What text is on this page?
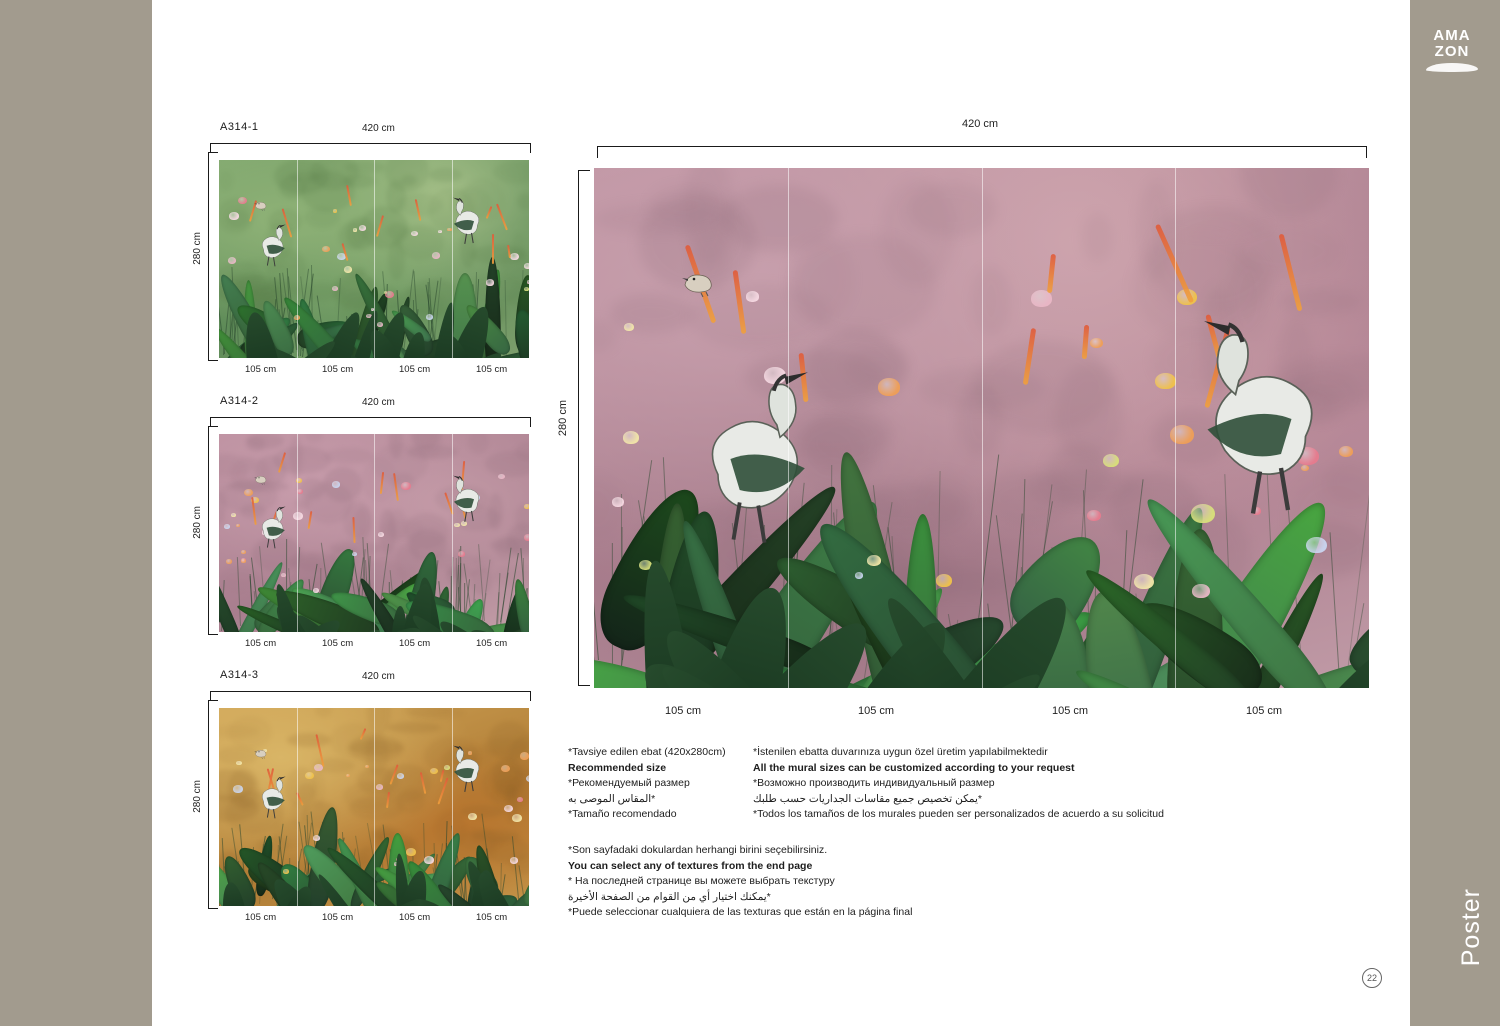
AMA
ZON
Poster
A314-1	420 cm
280 cm
105 cm	105 cm	105 cm	105 cm
A314-2	420 cm
280 cm
105 cm	105 cm	105 cm	105 cm
A314-3	420 cm
280 cm
105 cm	105 cm	105 cm	105 cm
420 cm
280 cm
105 cm	105 cm	105 cm	105 cm
*Tavsiye edilen ebat (420x280cm)
Recommended size
*Рекомендуемый размер
*المقاس الموصى به
*Tamaño recomendado
*İstenilen ebatta duvarınıza uygun özel üretim yapılabilmektedir
All the mural sizes can be customized according to your request
*Возможно производить индивидуальный размер
*يمكن تخصيص جميع مقاسات الجداريات حسب طلبك
*Todos los tamaños de los murales pueden ser personalizados de acuerdo a su solicitud
*Son sayfadaki dokulardan herhangi birini seçebilirsiniz.
You can select any of textures from the end page
* На последней странице вы можете выбрать текстуру
*يمكنك اختيار أي من القوام من الصفحة الأخيرة
*Puede seleccionar cualquiera de las texturas que están en la página final
22
